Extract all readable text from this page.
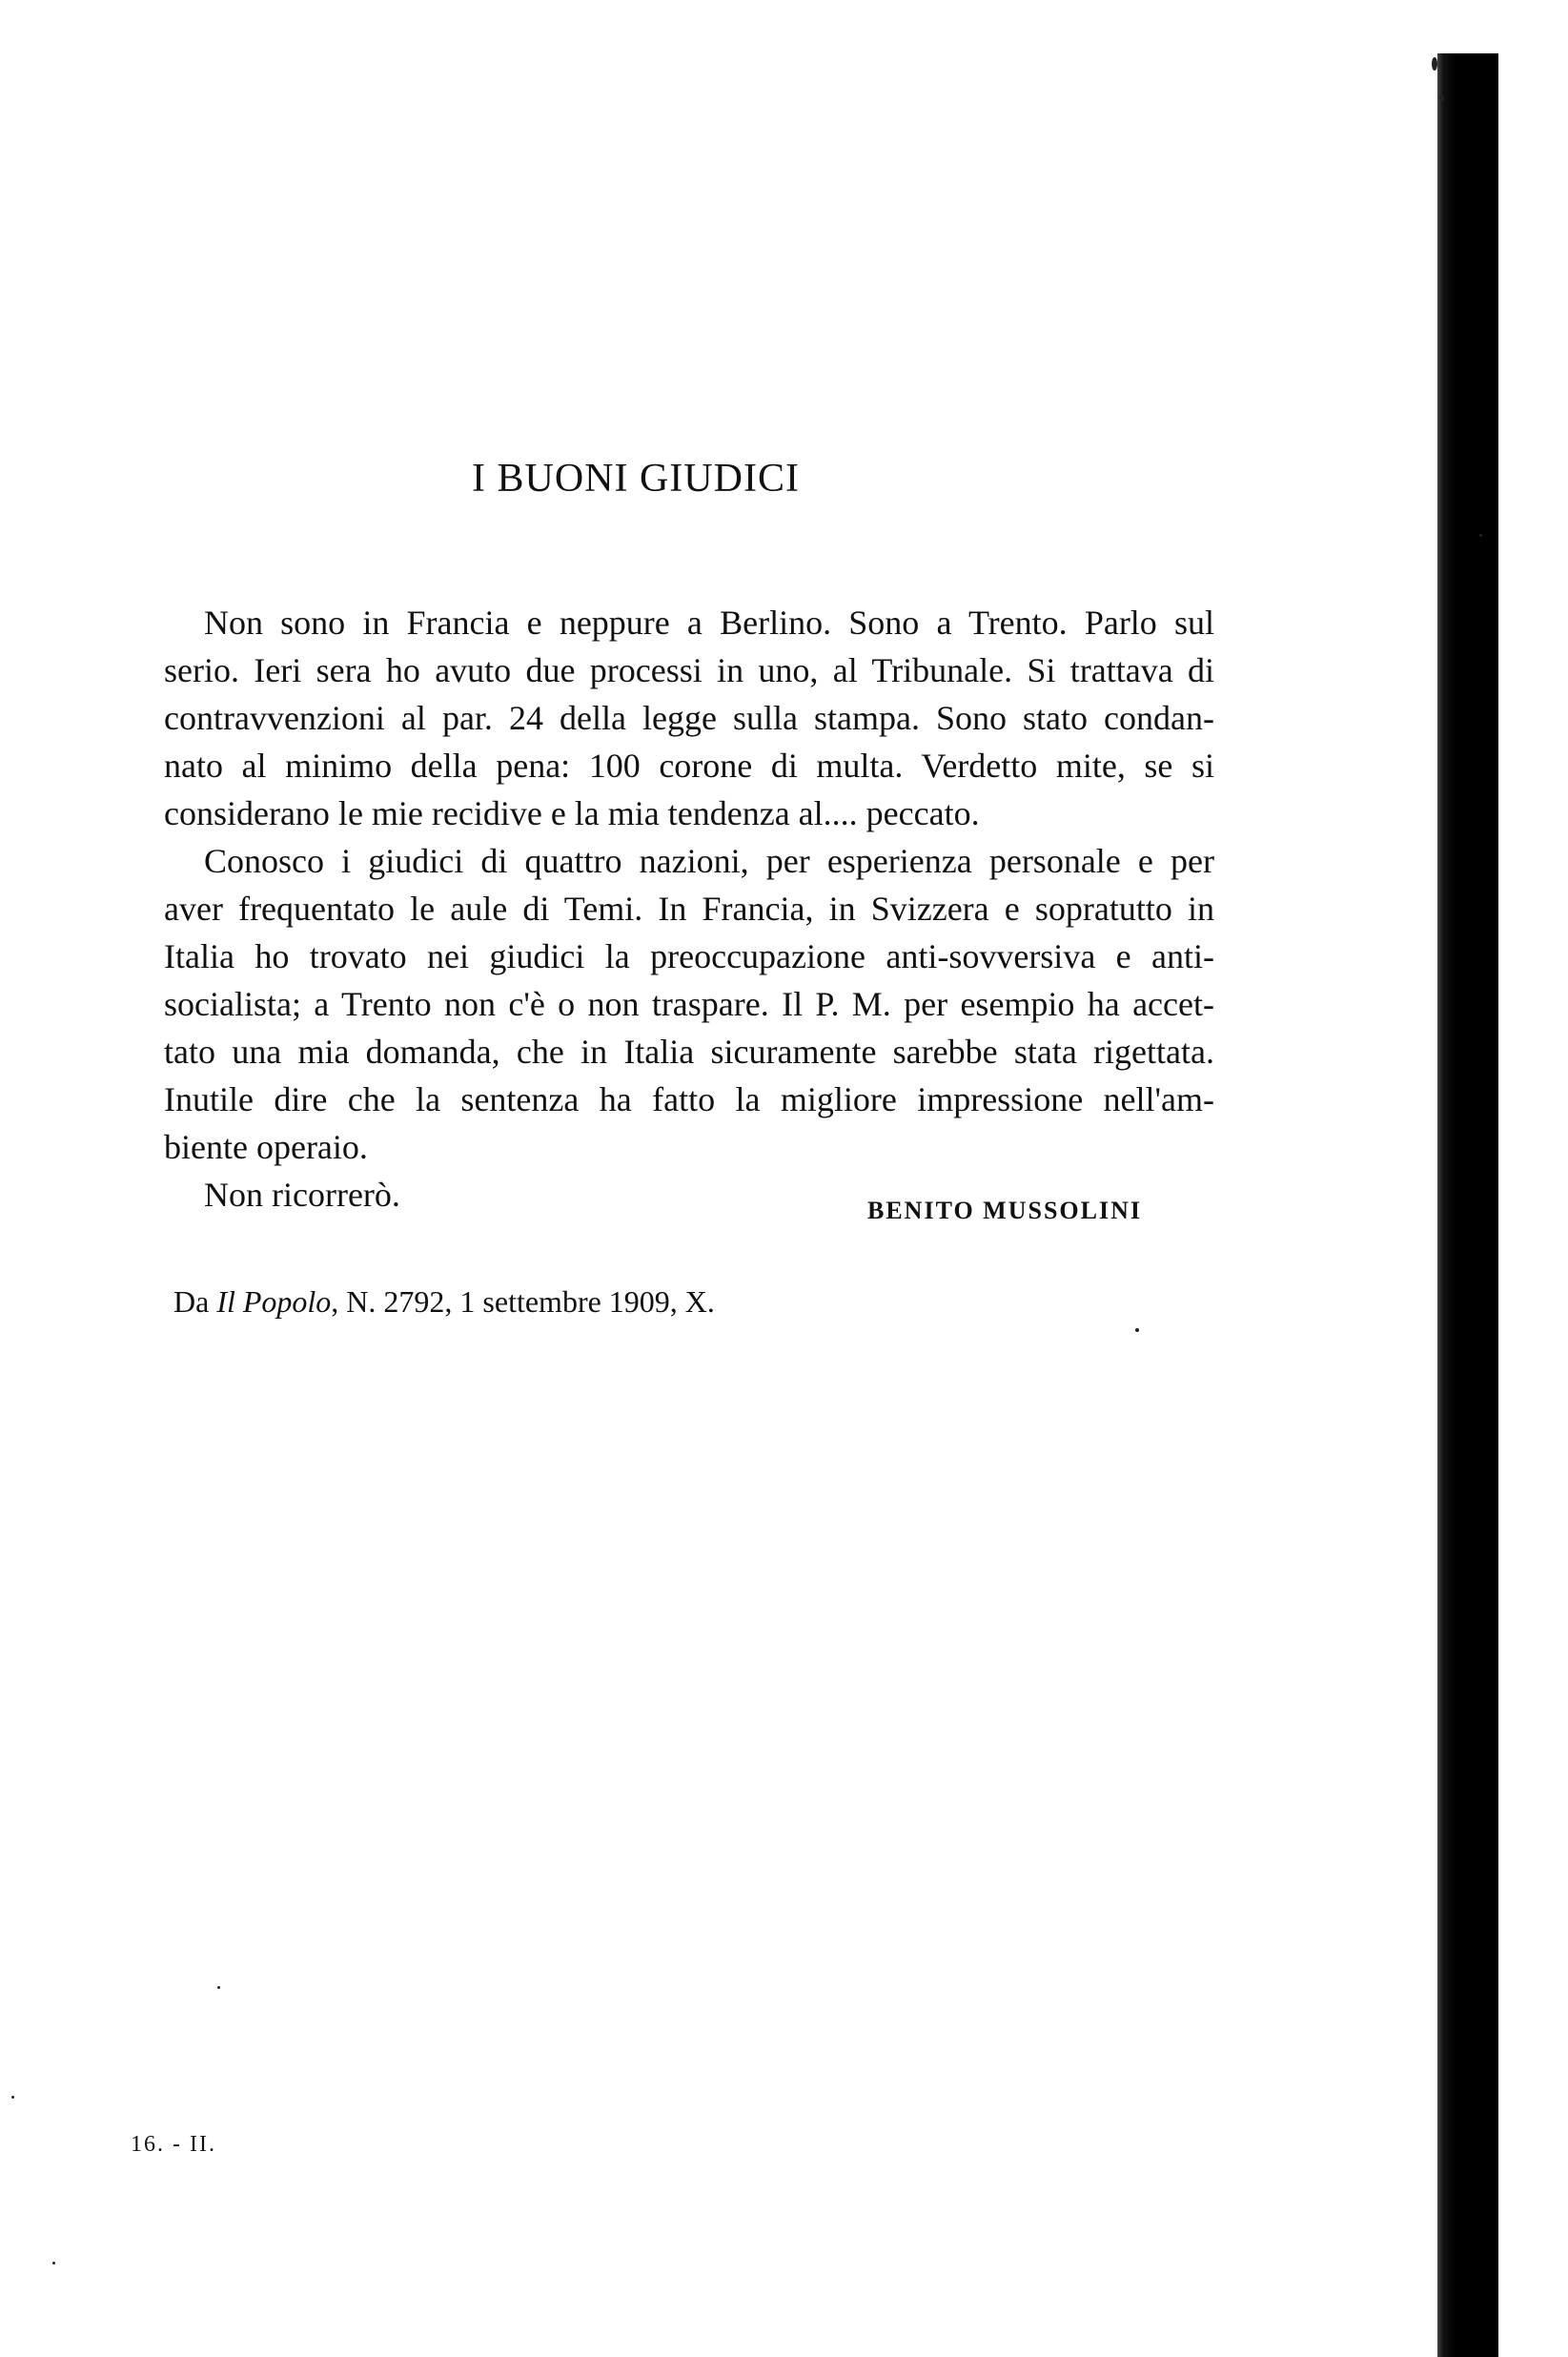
I BUONI GIUDICI
Non sono in Francia e neppure a Berlino. Sono a Trento. Parlo sul
serio. Ieri sera ho avuto due processi in uno, al Tribunale. Si trattava di
contravvenzioni al par. 24 della legge sulla stampa. Sono stato condan-
nato al minimo della pena: 100 corone di multa. Verdetto mite, se si
considerano le mie recidive e la mia tendenza al.... peccato.
Conosco i giudici di quattro nazioni, per esperienza personale e per
aver frequentato le aule di Temi. In Francia, in Svizzera e sopratutto in
Italia ho trovato nei giudici la preoccupazione anti-sovversiva e anti-
socialista; a Trento non c'è o non traspare. Il P. M. per esempio ha accet-
tato una mia domanda, che in Italia sicuramente sarebbe stata rigettata.
Inutile dire che la sentenza ha fatto la migliore impressione nell'am-
biente operaio.
Non ricorrerò.	BENITO MUSSOLINI
Da Il Popolo, N. 2792, 1 settembre 1909, X.
16. - II.
